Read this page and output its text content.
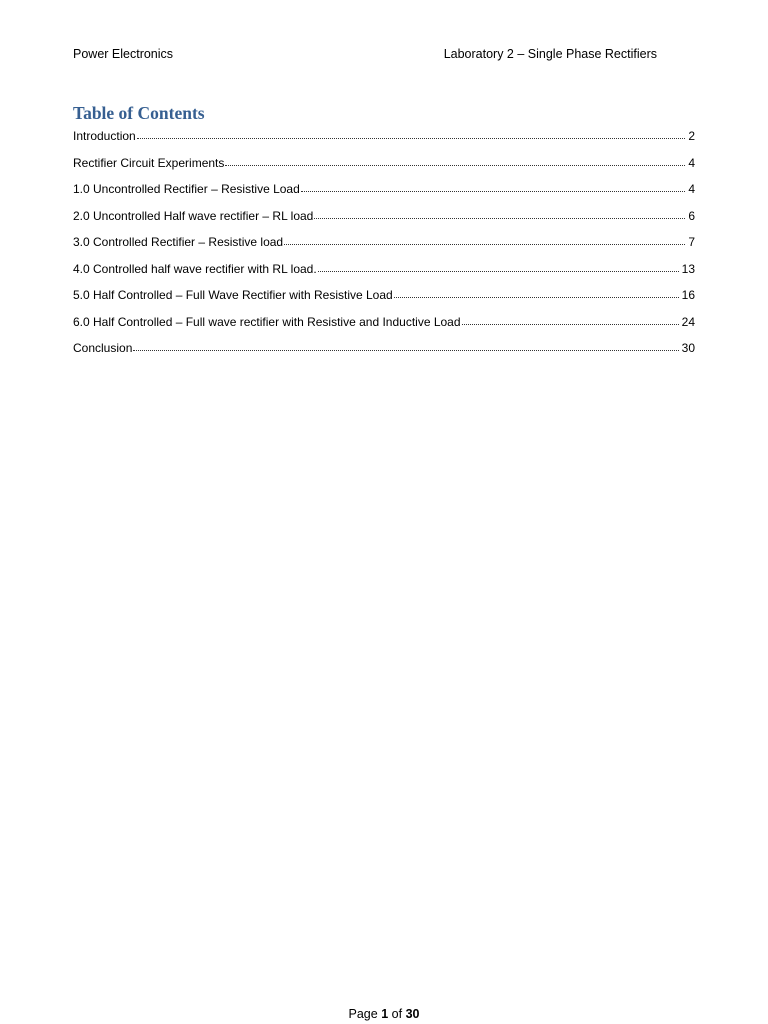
Power Electronics	Laboratory 2 – Single Phase Rectifiers
Table of Contents
Introduction	2
Rectifier Circuit Experiments	4
1.0 Uncontrolled Rectifier – Resistive Load	4
2.0 Uncontrolled Half wave rectifier – RL load	6
3.0 Controlled Rectifier – Resistive load	7
4.0 Controlled half wave rectifier with RL load.	13
5.0 Half Controlled – Full Wave Rectifier with Resistive Load	16
6.0 Half Controlled – Full wave rectifier with Resistive and Inductive Load	24
Conclusion	30
Page 1 of 30
